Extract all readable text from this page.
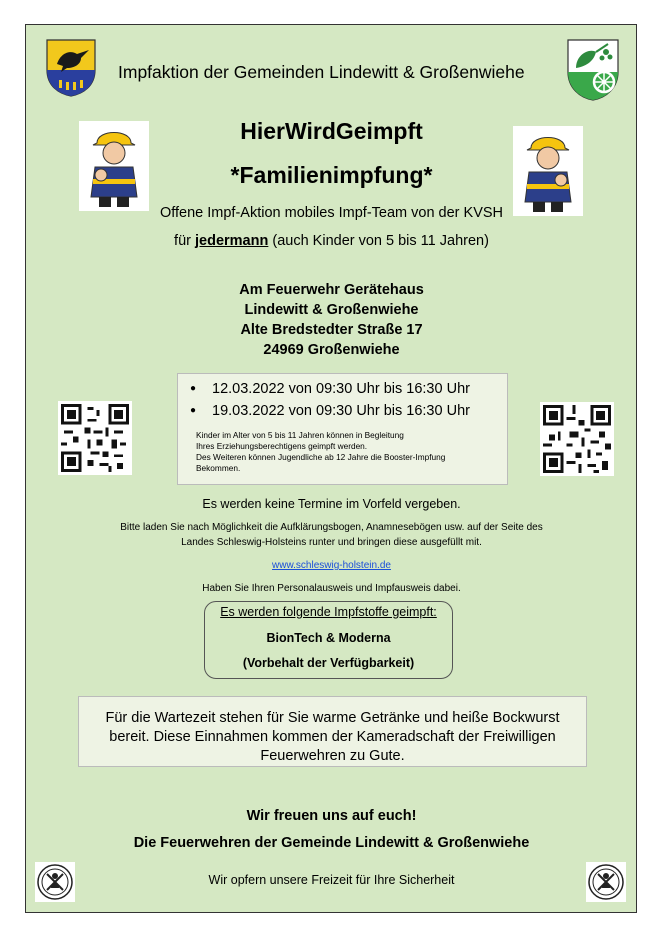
Impfaktion der Gemeinden Lindewitt & Großenwiehe
HierWirdGeimpft
*Familienimpfung*
Offene Impf-Aktion mobiles Impf-Team von der KVSH
für jedermann (auch Kinder von 5 bis 11 Jahren)
Am Feuerwehr Gerätehaus
Lindewitt & Großenwiehe
Alte Bredstedter Straße 17
24969 Großenwiehe
● 12.03.2022 von 09:30 Uhr bis 16:30 Uhr
● 19.03.2022 von 09:30 Uhr bis 16:30 Uhr
Kinder im Alter von 5 bis 11 Jahren können in Begleitung
Ihres Erziehungsberechtigens geimpft werden.
Des Weiteren können Jugendliche ab 12 Jahre die Booster-Impfung
Bekommen.
Es werden keine Termine im Vorfeld vergeben.
Bitte laden Sie nach Möglichkeit die Aufklärungsbogen, Anamnesebögen usw. auf der Seite des
Landes Schleswig-Holsteins runter und bringen diese ausgefüllt mit.
www.schleswig-holstein.de
Haben Sie Ihren Personalausweis und Impfausweis dabei.
Es werden folgende Impfstoffe geimpft:
BionTech & Moderna
(Vorbehalt der Verfügbarkeit)
Für die Wartezeit stehen für Sie warme Getränke und heiße Bockwurst
bereit. Diese Einnahmen kommen der Kameradschaft der Freiwilligen
Feuerwehren zu Gute.
Wir freuen uns auf euch!
Die Feuerwehren der Gemeinde Lindewitt & Großenwiehe
Wir opfern unsere Freizeit für Ihre Sicherheit
